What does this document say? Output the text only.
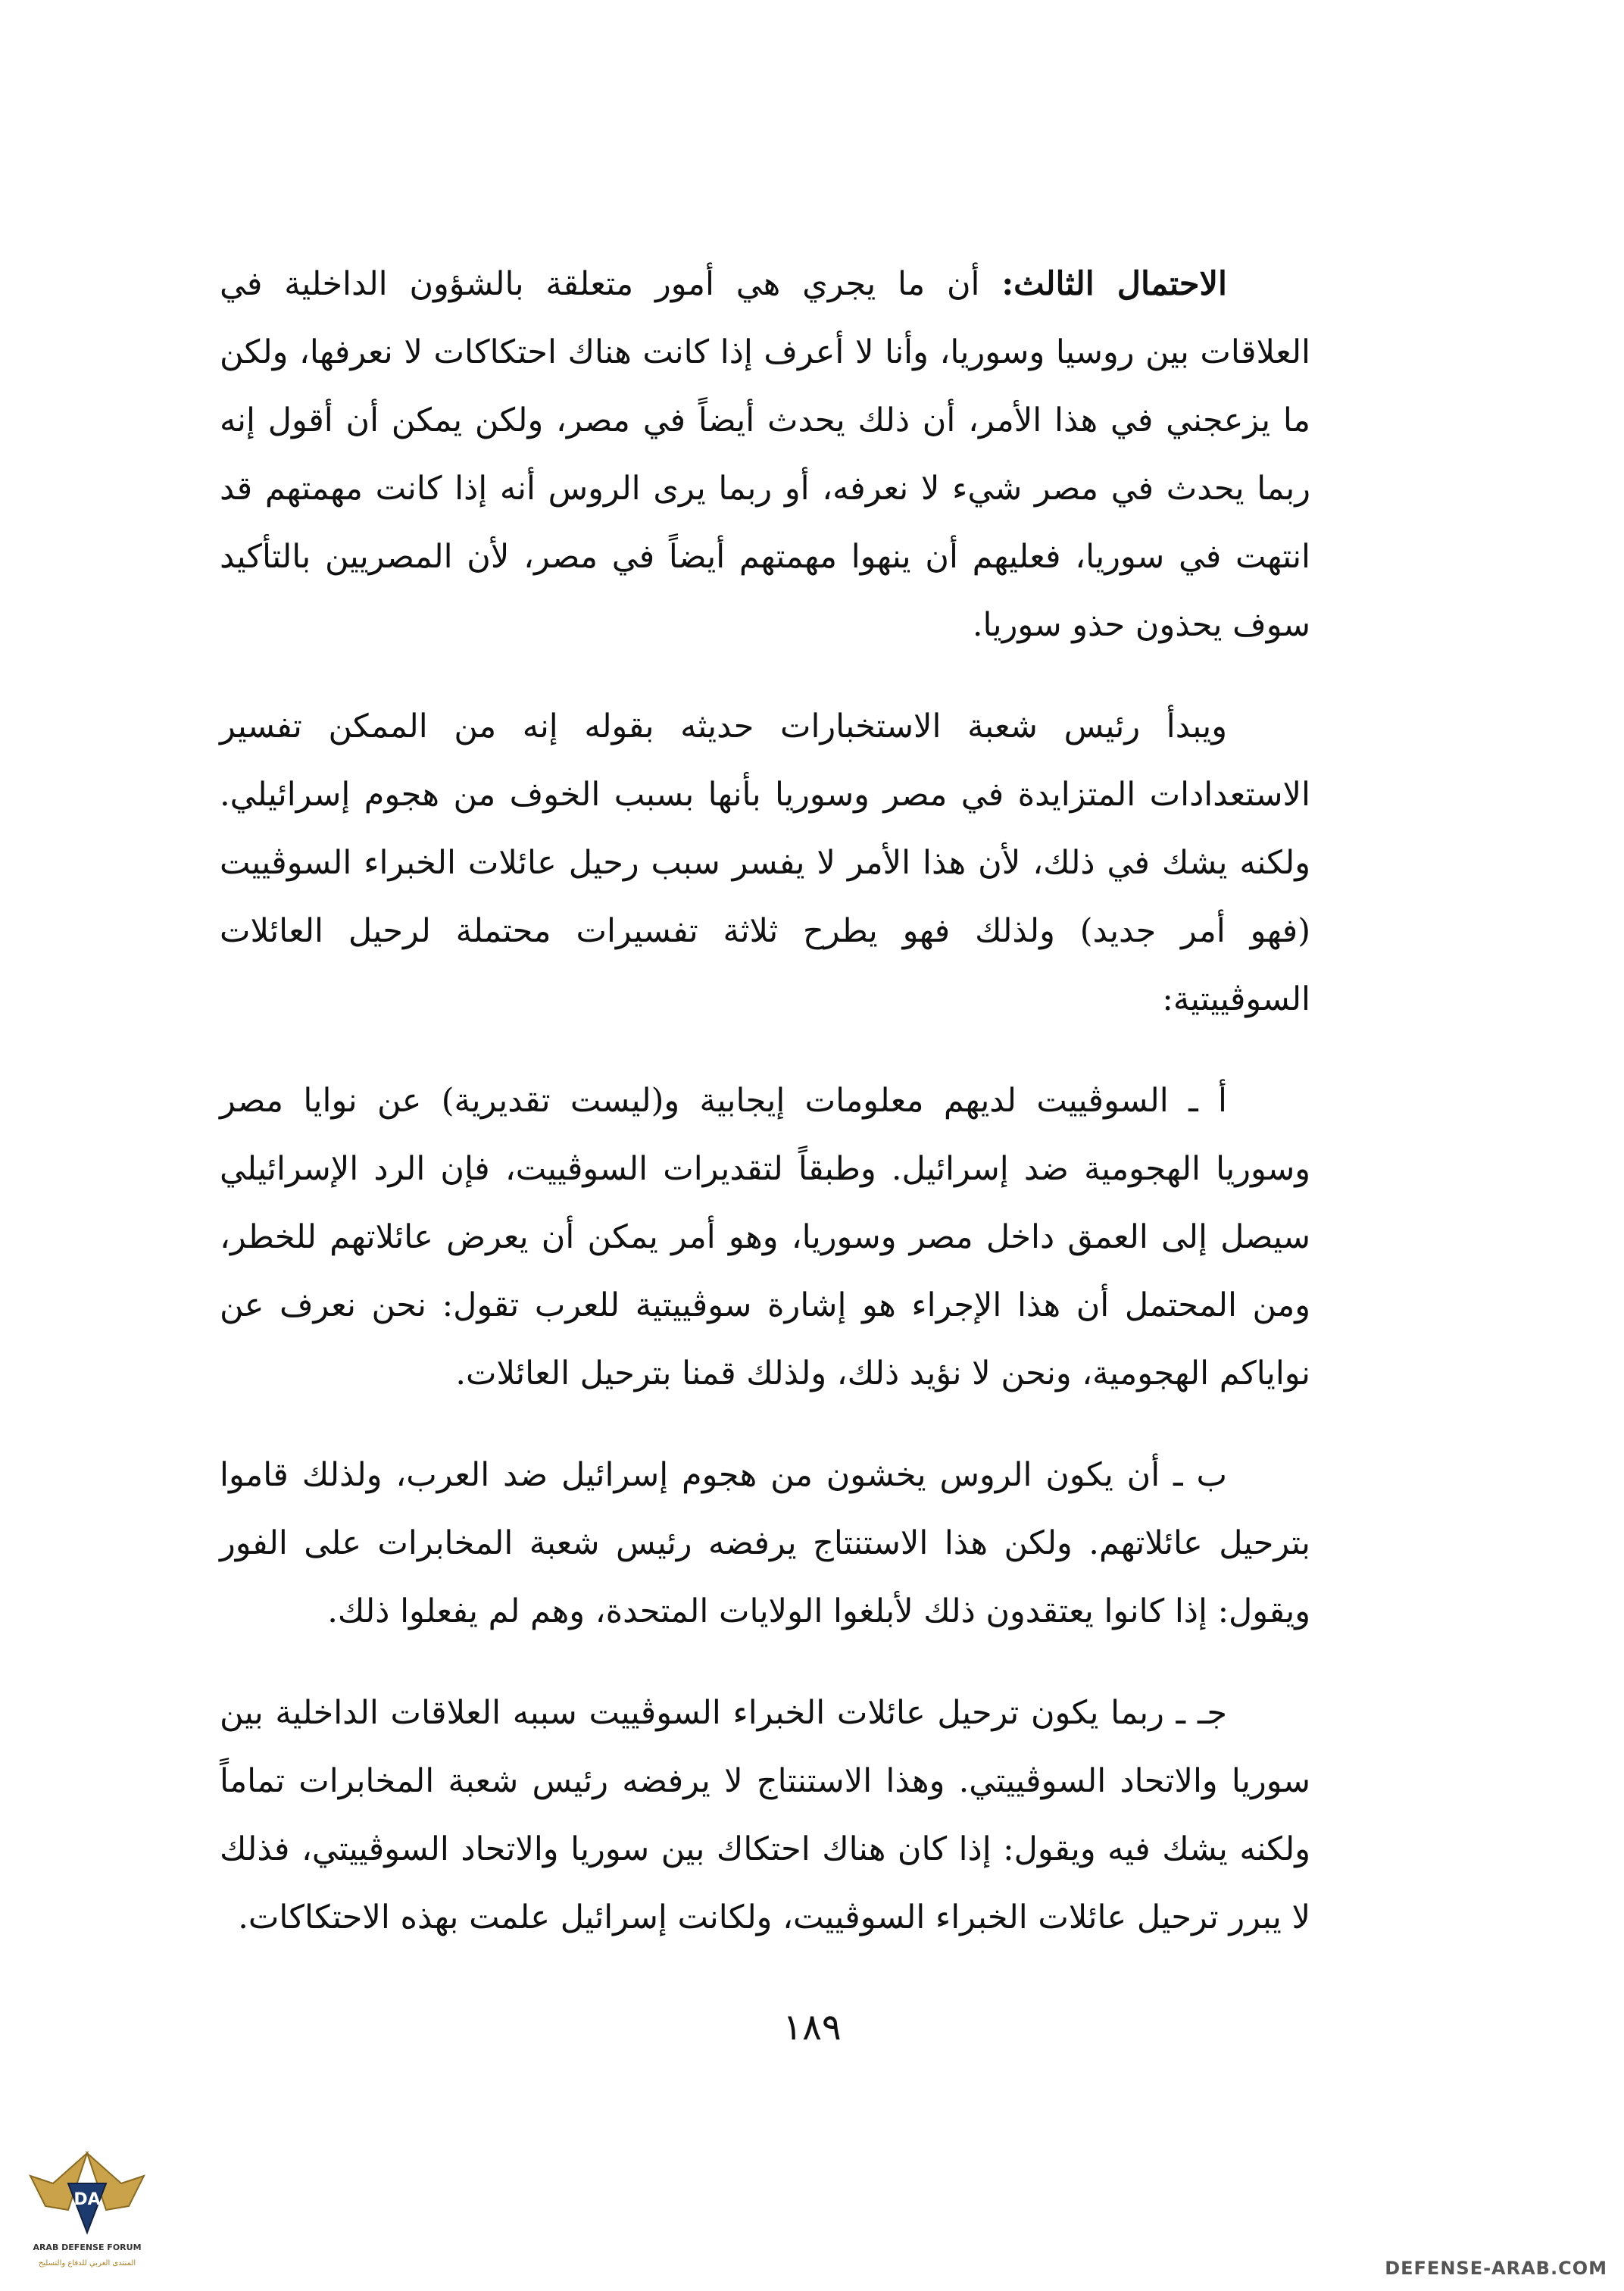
الاحتمال الثالث: أن ما يجري هي أمور متعلقة بالشؤون الداخلية في العلاقات بين روسيا وسوريا، وأنا لا أعرف إذا كانت هناك احتكاكات لا نعرفها، ولكن ما يزعجني في هذا الأمر، أن ذلك يحدث أيضاً في مصر، ولكن يمكن أن أقول إنه ربما يحدث في مصر شيء لا نعرفه، أو ربما يرى الروس أنه إذا كانت مهمتهم قد انتهت في سوريا، فعليهم أن ينهوا مهمتهم أيضاً في مصر، لأن المصريين بالتأكيد سوف يحذون حذو سوريا.

ويبدأ رئيس شعبة الاستخبارات حديثه بقوله إنه من الممكن تفسير الاستعدادات المتزايدة في مصر وسوريا بأنها بسبب الخوف من هجوم إسرائيلي. ولكنه يشك في ذلك، لأن هذا الأمر لا يفسر سبب رحيل عائلات الخبراء السوڤييت (فهو أمر جديد) ولذلك فهو يطرح ثلاثة تفسيرات محتملة لرحيل العائلات السوڤييتية:

أ ـ السوڤييت لديهم معلومات إيجابية و(ليست تقديرية) عن نوايا مصر وسوريا الهجومية ضد إسرائيل. وطبقاً لتقديرات السوڤييت، فإن الرد الإسرائيلي سيصل إلى العمق داخل مصر وسوريا، وهو أمر يمكن أن يعرض عائلاتهم للخطر، ومن المحتمل أن هذا الإجراء هو إشارة سوڤييتية للعرب تقول: نحن نعرف عن نواياكم الهجومية، ونحن لا نؤيد ذلك، ولذلك قمنا بترحيل العائلات.

ب ـ أن يكون الروس يخشون من هجوم إسرائيل ضد العرب، ولذلك قاموا بترحيل عائلاتهم. ولكن هذا الاستنتاج يرفضه رئيس شعبة المخابرات على الفور ويقول: إذا كانوا يعتقدون ذلك لأبلغوا الولايات المتحدة، وهم لم يفعلوا ذلك.

جـ ـ ربما يكون ترحيل عائلات الخبراء السوڤييت سببه العلاقات الداخلية بين سوريا والاتحاد السوڤييتي. وهذا الاستنتاج لا يرفضه رئيس شعبة المخابرات تماماً ولكنه يشك فيه ويقول: إذا كان هناك احتكاك بين سوريا والاتحاد السوڤييتي، فذلك لا يبرر ترحيل عائلات الخبراء السوڤييت، ولكانت إسرائيل علمت بهذه الاحتكاكات.

١٨٩
DA
ARAB DEFENSE FORUM
المنتدى العربي للدفاع والتسليح	DEFENSE-ARAB.COM
